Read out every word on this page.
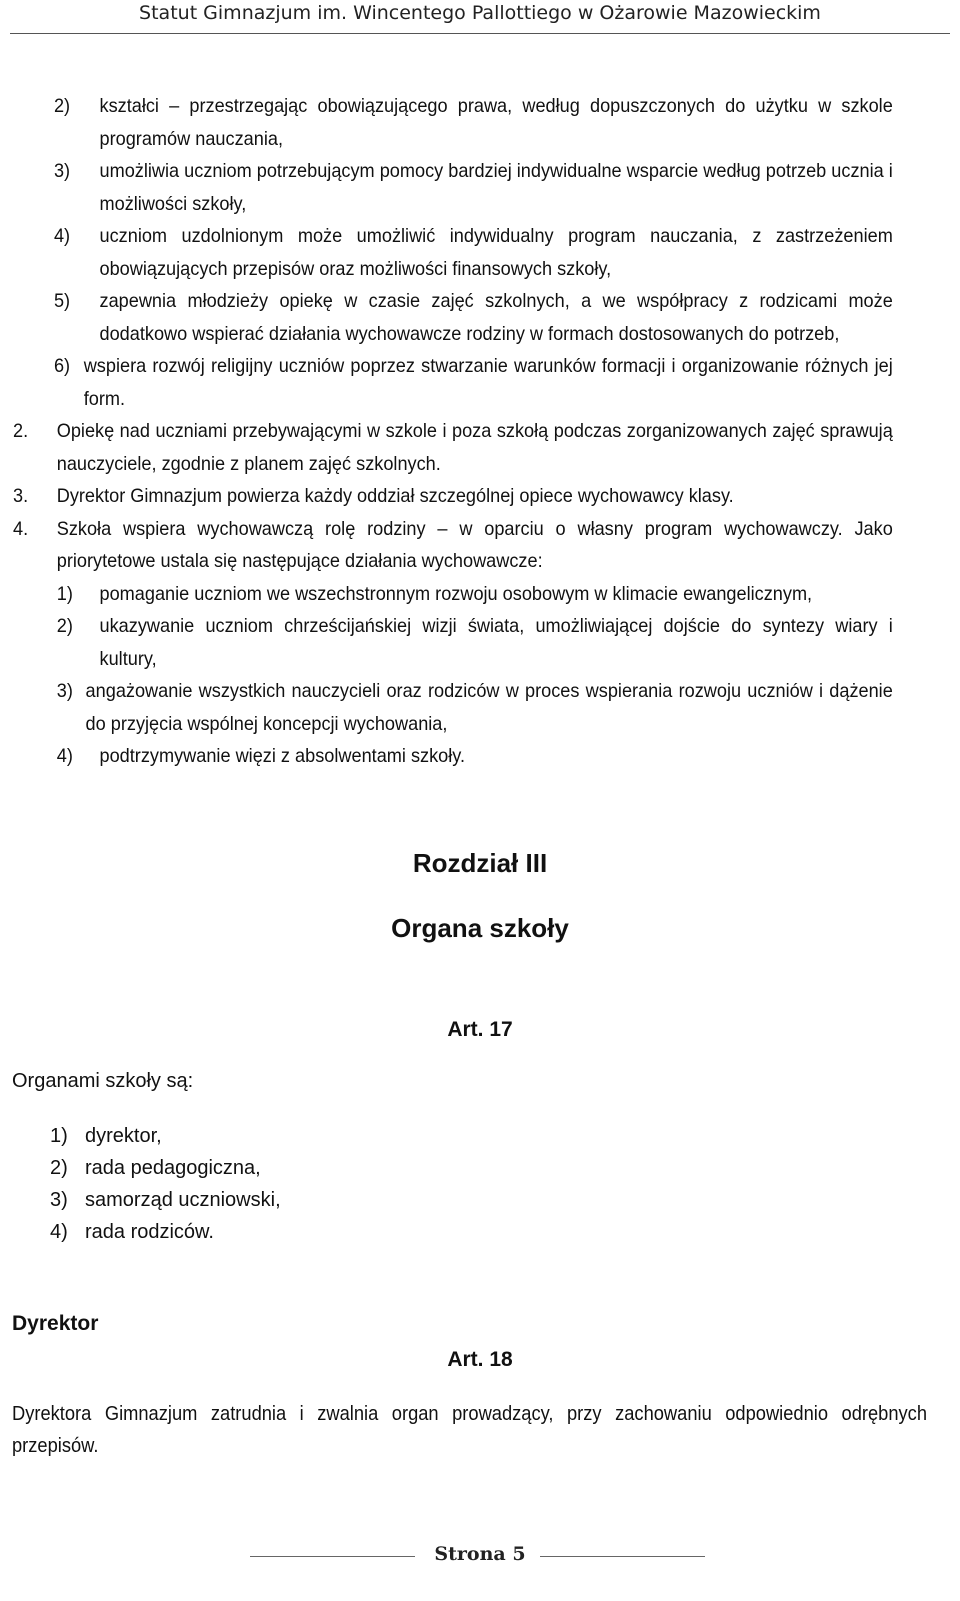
Statut Gimnazjum im. Wincentego Pallottiego w Ożarowie Mazowieckim
2) kształci – przestrzegając obowiązującego prawa, według dopuszczonych do użytku w szkole programów nauczania,
3) umożliwia uczniom potrzebującym pomocy bardziej indywidualne wsparcie według potrzeb ucznia i możliwości szkoły,
4) uczniom uzdolnionym może umożliwić indywidualny program nauczania, z zastrzeżeniem obowiązujących przepisów oraz możliwości finansowych szkoły,
5) zapewnia młodzieży opiekę w czasie zajęć szkolnych, a we współpracy z rodzicami może dodatkowo wspierać działania wychowawcze rodziny w formach dostosowanych do potrzeb,
6) wspiera rozwój religijny uczniów poprzez stwarzanie warunków formacji i organizowanie różnych jej form.
2. Opiekę nad uczniami przebywającymi w szkole i poza szkołą podczas zorganizowanych zajęć sprawują nauczyciele, zgodnie z planem zajęć szkolnych.
3. Dyrektor Gimnazjum powierza każdy oddział szczególnej opiece wychowawcy klasy.
4. Szkoła wspiera wychowawczą rolę rodziny – w oparciu o własny program wychowawczy. Jako priorytetowe ustala się następujące działania wychowawcze:
1) pomaganie uczniom we wszechstronnym rozwoju osobowym w klimacie ewangelicznym,
2) ukazywanie uczniom chrześcijańskiej wizji świata, umożliwiającej dojście do syntezy wiary i kultury,
3) angażowanie wszystkich nauczycieli oraz rodziców w proces wspierania rozwoju uczniów i dążenie do przyjęcia wspólnej koncepcji wychowania,
4) podtrzymywanie więzi z absolwentami szkoły.
Rozdział III
Organa szkoły
Art. 17
Organami szkoły są:
1) dyrektor,
2) rada pedagogiczna,
3) samorząd uczniowski,
4) rada rodziców.
Dyrektor
Art. 18
Dyrektora Gimnazjum zatrudnia i zwalnia organ prowadzący, przy zachowaniu odpowiednio odrębnych przepisów.
Strona 5
